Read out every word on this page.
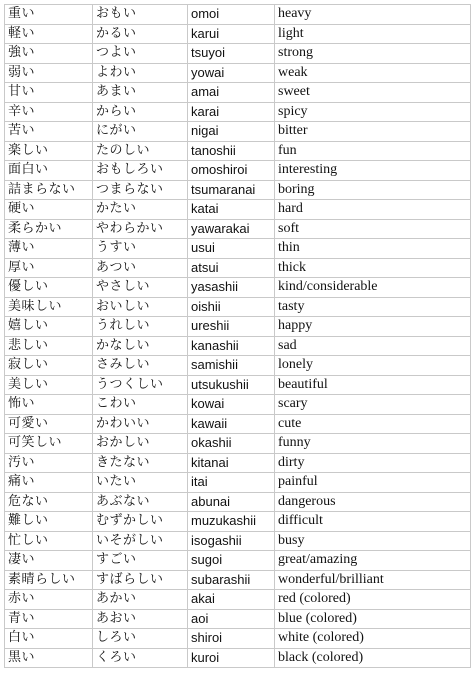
重い	おもい	omoi	heavy
軽い	かるい	karui	light
強い	つよい	tsuyoi	strong
弱い	よわい	yowai	weak
甘い	あまい	amai	sweet
辛い	からい	karai	spicy
苦い	にがい	nigai	bitter
楽しい	たのしい	tanoshii	fun
面白い	おもしろい	omoshiroi	interesting
詰まらない	つまらない	tsumaranai	boring
硬い	かたい	katai	hard
柔らかい	やわらかい	yawarakai	soft
薄い	うすい	usui	thin
厚い	あつい	atsui	thick
優しい	やさしい	yasashii	kind/considerable
美味しい	おいしい	oishii	tasty
嬉しい	うれしい	ureshii	happy
悲しい	かなしい	kanashii	sad
寂しい	さみしい	samishii	lonely
美しい	うつくしい	utsukushii	beautiful
怖い	こわい	kowai	scary
可愛い	かわいい	kawaii	cute
可笑しい	おかしい	okashii	funny
汚い	きたない	kitanai	dirty
痛い	いたい	itai	painful
危ない	あぶない	abunai	dangerous
難しい	むずかしい	muzukashii	difficult
忙しい	いそがしい	isogashii	busy
凄い	すごい	sugoi	great/amazing
素晴らしい	すばらしい	subarashii	wonderful/brilliant
赤い	あかい	akai	red (colored)
青い	あおい	aoi	blue (colored)
白い	しろい	shiroi	white (colored)
黒い	くろい	kuroi	black (colored)
